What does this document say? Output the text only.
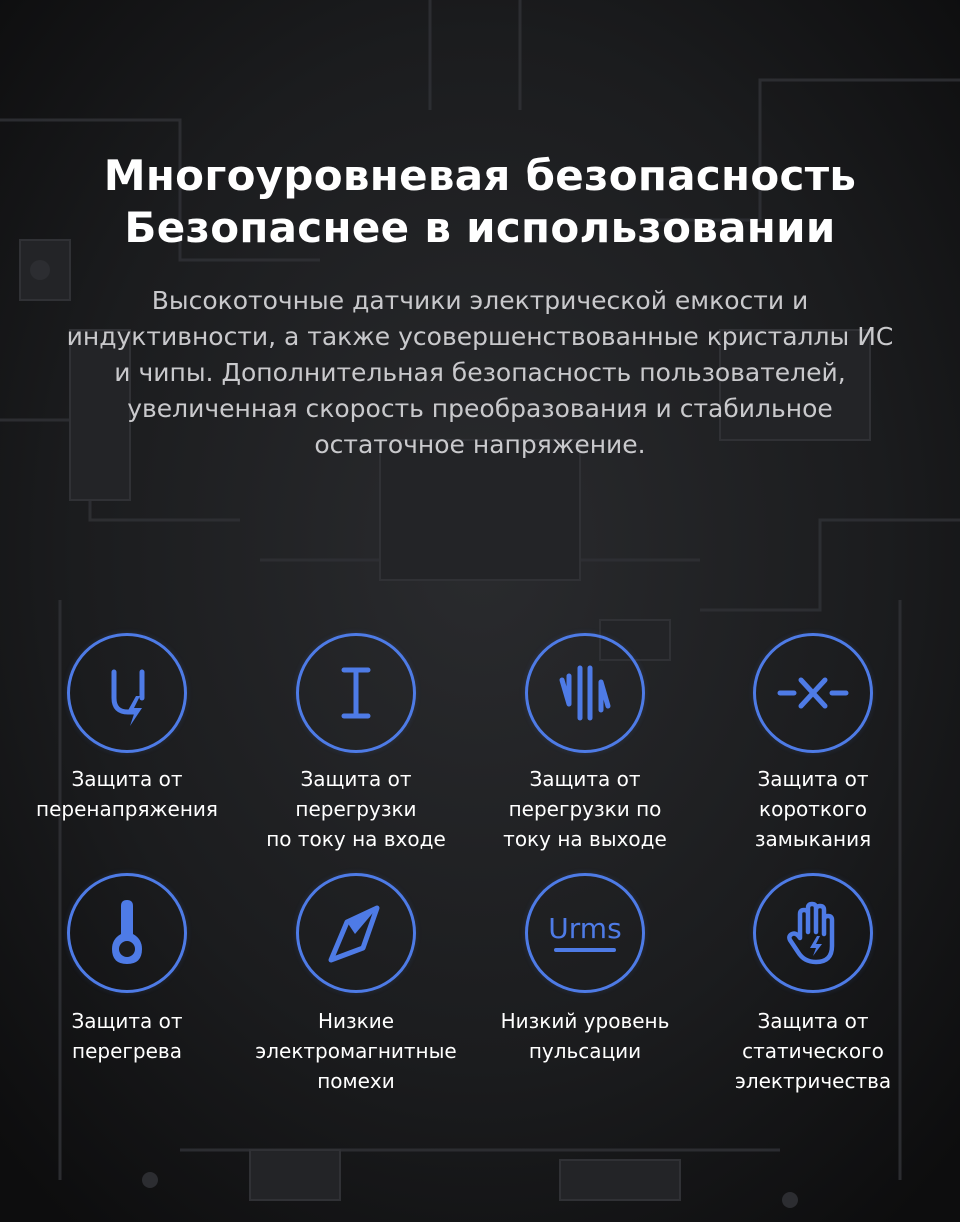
Многоуровневая безопасность
Безопаснее в использовании

Высокоточные датчики электрической емкости и
индуктивности, а также усовершенствованные кристаллы ИС
и чипы. Дополнительная безопасность пользователей,
увеличенная скорость преобразования и стабильное
остаточное напряжение.

Защита от
перенапряжения
Защита от
перегрузки
по току на входе
Защита от
перегрузки по
току на выходе
Защита от
короткого
замыкания
Защита от
перегрева
Низкие
электромагнитные
помехи
Urms
Низкий уровень
пульсации
Защита от
статического
электричества
